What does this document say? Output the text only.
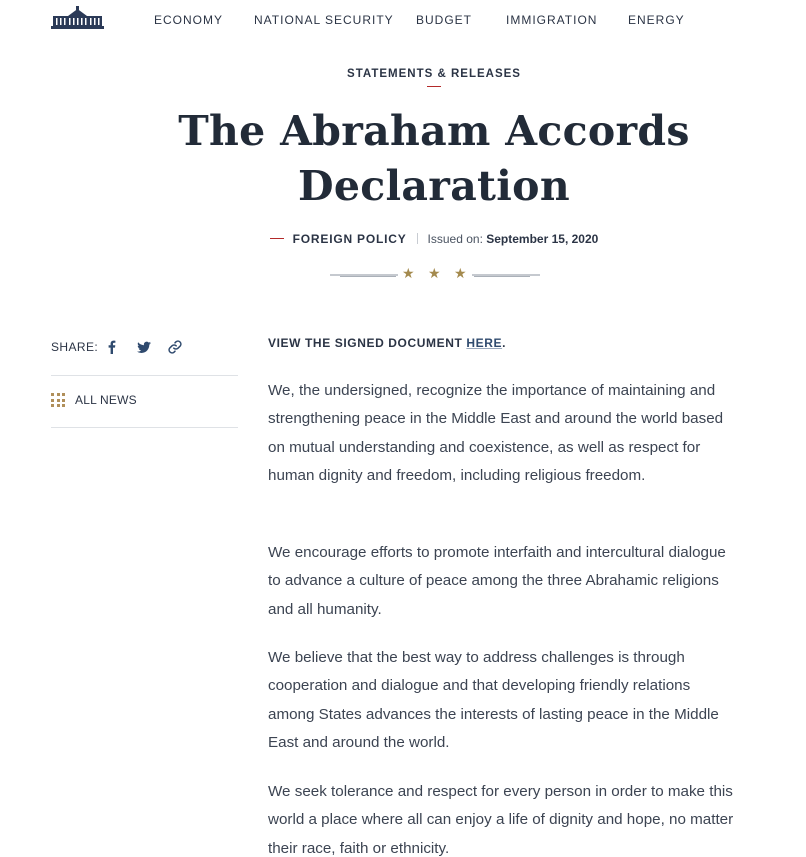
ECONOMY	NATIONAL SECURITY BUDGET	IMMIGRATION	ENERGY
STATEMENTS & RELEASES
The Abraham Accords
Declaration
FOREIGN POLICY Issued on: September 15, 2020
★ ★ ★
SHARE:
ALL NEWS
VIEW THE SIGNED DOCUMENT HERE.

We, the undersigned, recognize the importance of maintaining and strengthening peace in the Middle East and around the world based on mutual understanding and coexistence, as well as respect for human dignity and freedom, including religious freedom.

We encourage efforts to promote interfaith and intercultural dialogue to advance a culture of peace among the three Abrahamic religions and all humanity.

We believe that the best way to address challenges is through cooperation and dialogue and that developing friendly relations among States advances the interests of lasting peace in the Middle East and around the world.

We seek tolerance and respect for every person in order to make this world a place where all can enjoy a life of dignity and hope, no matter their race, faith or ethnicity.
